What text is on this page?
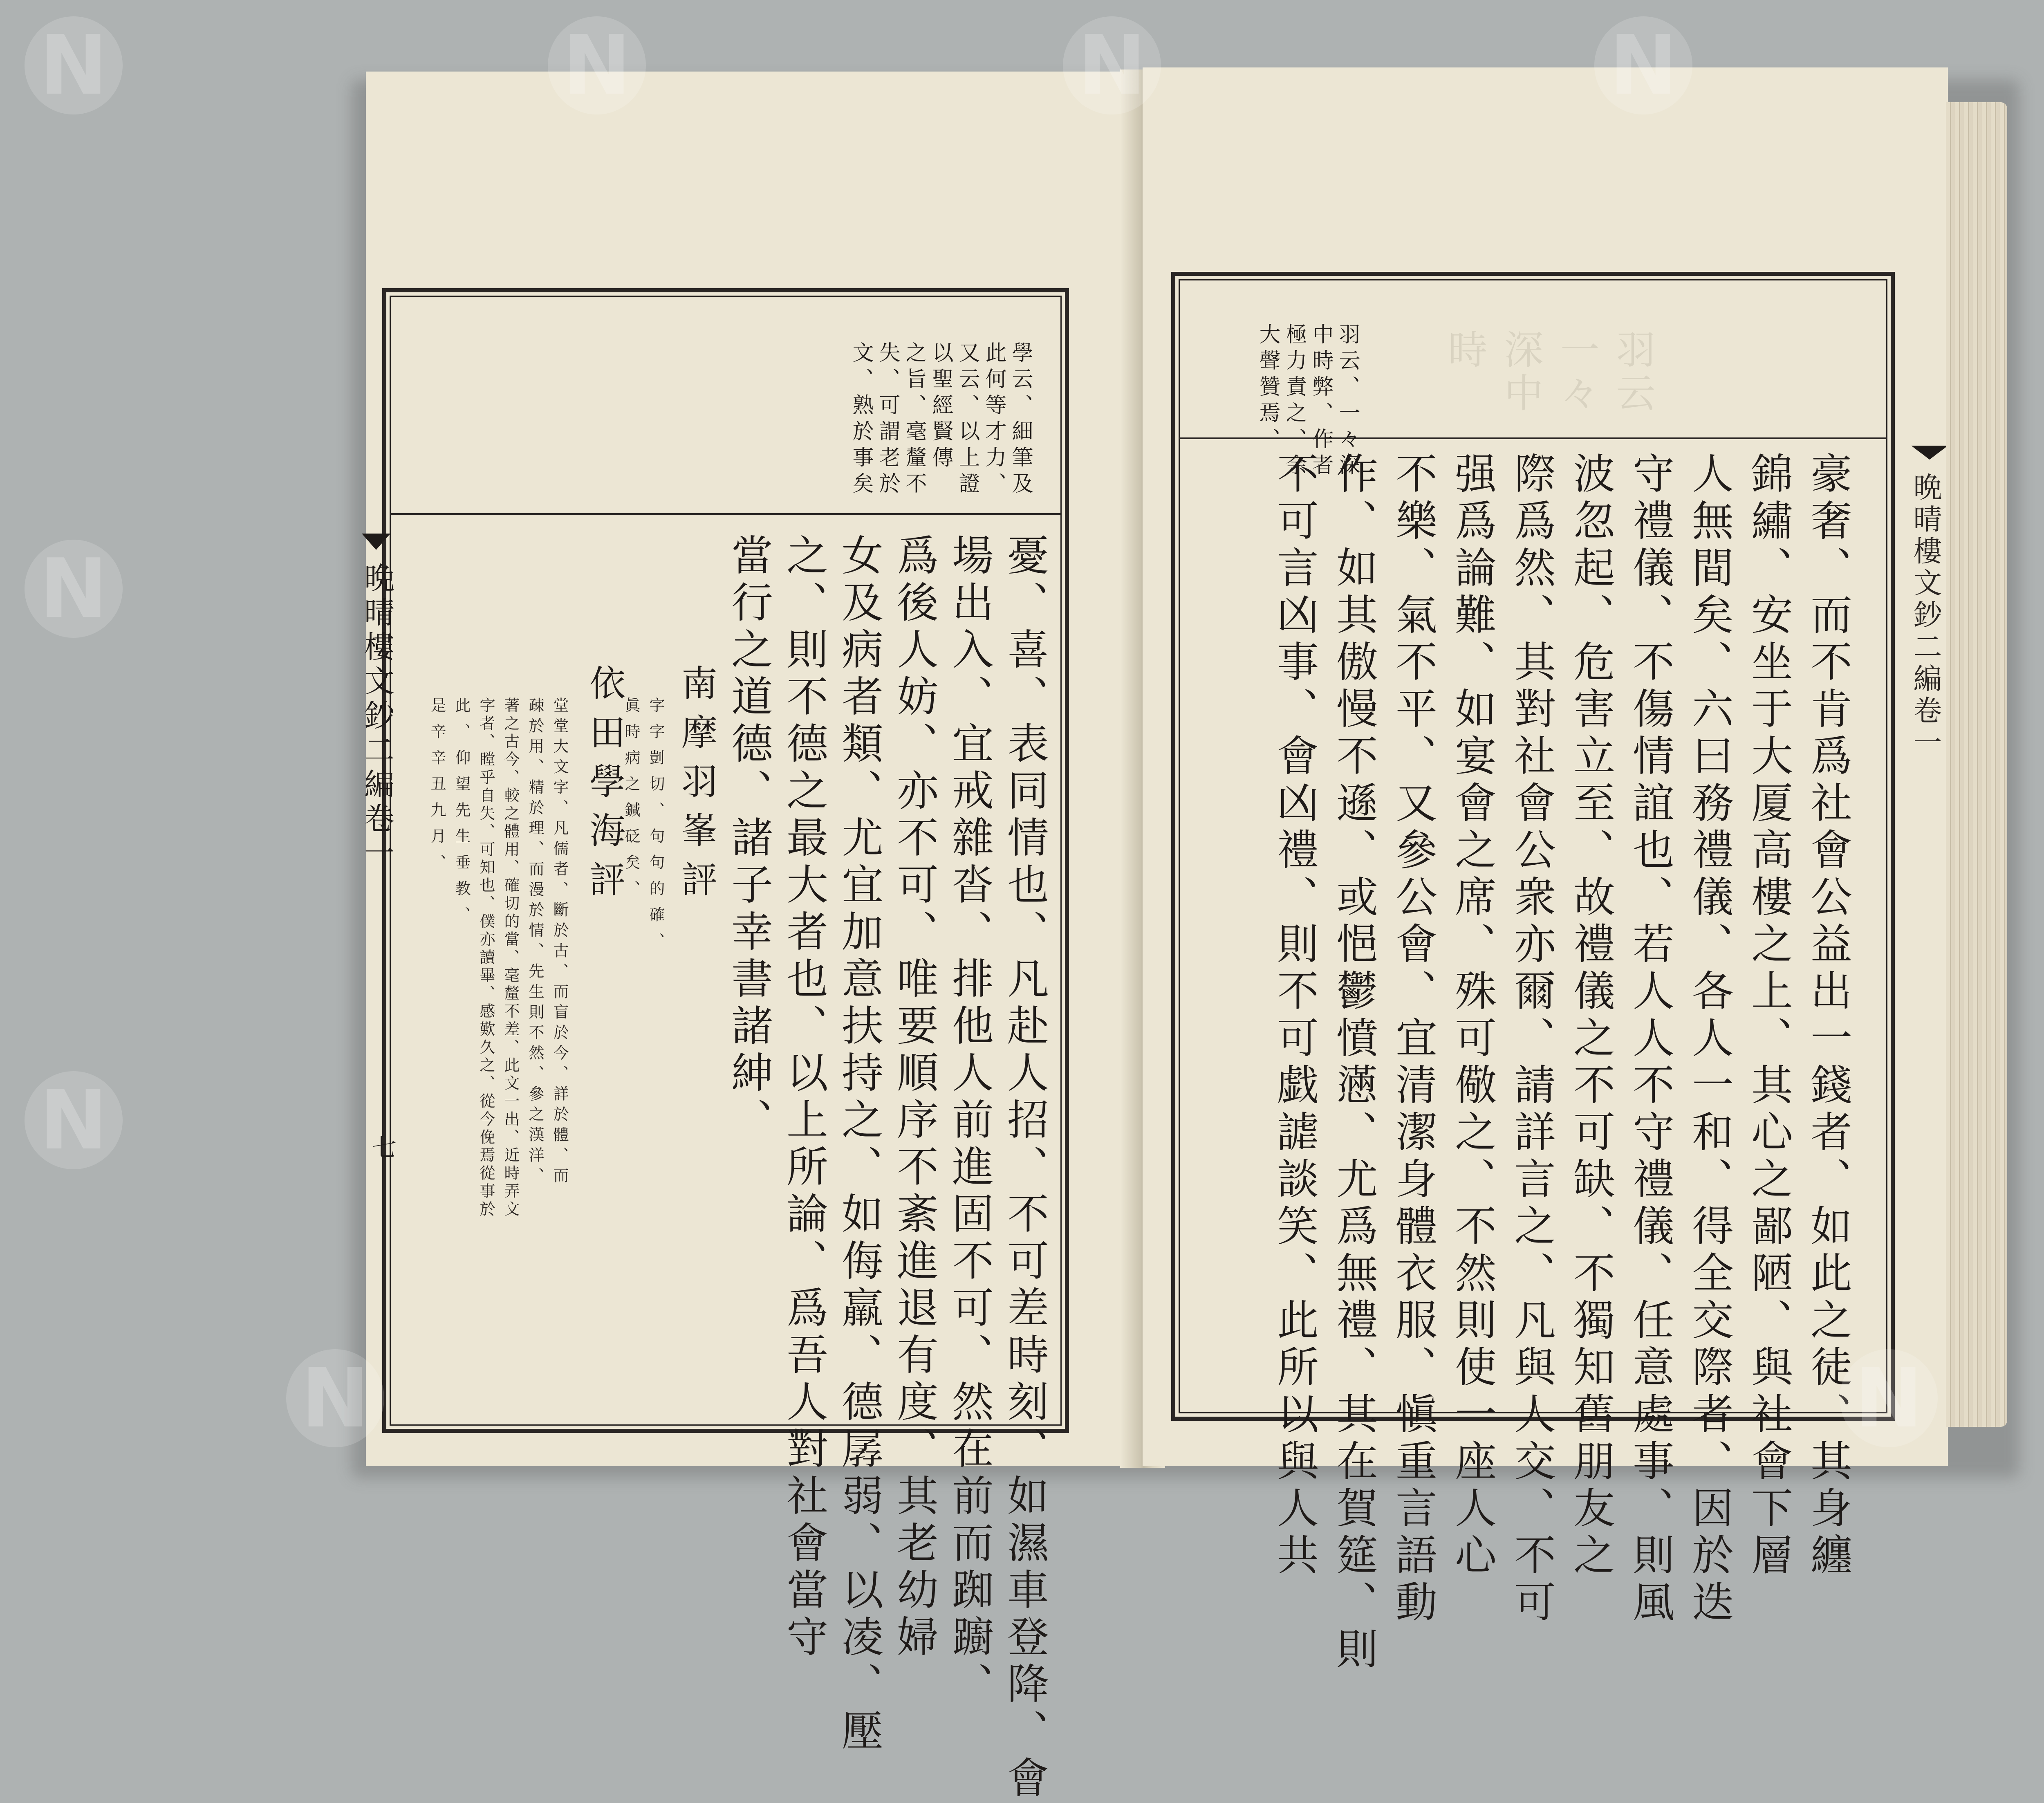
N	N	N	N
N
N
N	N
學云、細筆及
此何等才力、
又云、以上證
以聖經賢傳
之旨、毫釐不
失、可謂老於
文、熟於事矣
憂、喜、表同情也、凡赴人招、不可差時刻、如濕車登降、會
場出入、宜戒雜沓、排他人前進固不可、然在前而踟躕、
爲後人妨、亦不可、唯要順序不紊進退有度、其老幼婦
女及病者類、尤宜加意扶持之、如侮羸、德孱弱、以凌、壓
之、則不德之最大者也、以上所論、爲吾人對社會當守
當行之道德、諸子幸書諸紳、
南摩羽峯評
字字剴切、句句的確、
眞時病之鍼砭矣、
依田學海評
堂堂大文字、凡儒者、斷於古、而盲於今、詳於體、而
疎於用、精於理、而漫於情、先生則不然、參之漢洋、
著之古今、較之體用、確切的當、毫釐不差、此文一出、近時弄文
字者、瞠乎自失、可知也、僕亦讀畢、感歎久之、從今俛焉從事於
此、仰望先生垂教、
是辛辛丑九月、
晩晴樓文鈔二編卷一
七
羽云、一々深
中時弊、作者
極力責之、余
大聲贊焉、	羽云一々深中時
豪奢、而不肯爲社會公益出一錢者、如此之徒、其身纏
錦繡、安坐于大厦高樓之上、其心之鄙陋、與社會下層
人無間矣、六曰務禮儀、各人一和、得全交際者、因於迭
守禮儀、不傷情誼也、若人人不守禮儀、任意處事、則風
波忽起、危害立至、故禮儀之不可缺、不獨知舊朋友之
際爲然、其對社會公衆亦爾、請詳言之、凡與人交、不可
强爲論難、如宴會之席、殊可儆之、不然則使一座人心
不樂、氣不平、又參公會、宜清潔身體衣服、愼重言語動
作、如其傲慢不遜、或悒鬱憤懣、尤爲無禮、其在賀筵、則
不可言凶事、會凶禮、則不可戯謔談笑、此所以與人共	晩晴樓文鈔二編卷一
